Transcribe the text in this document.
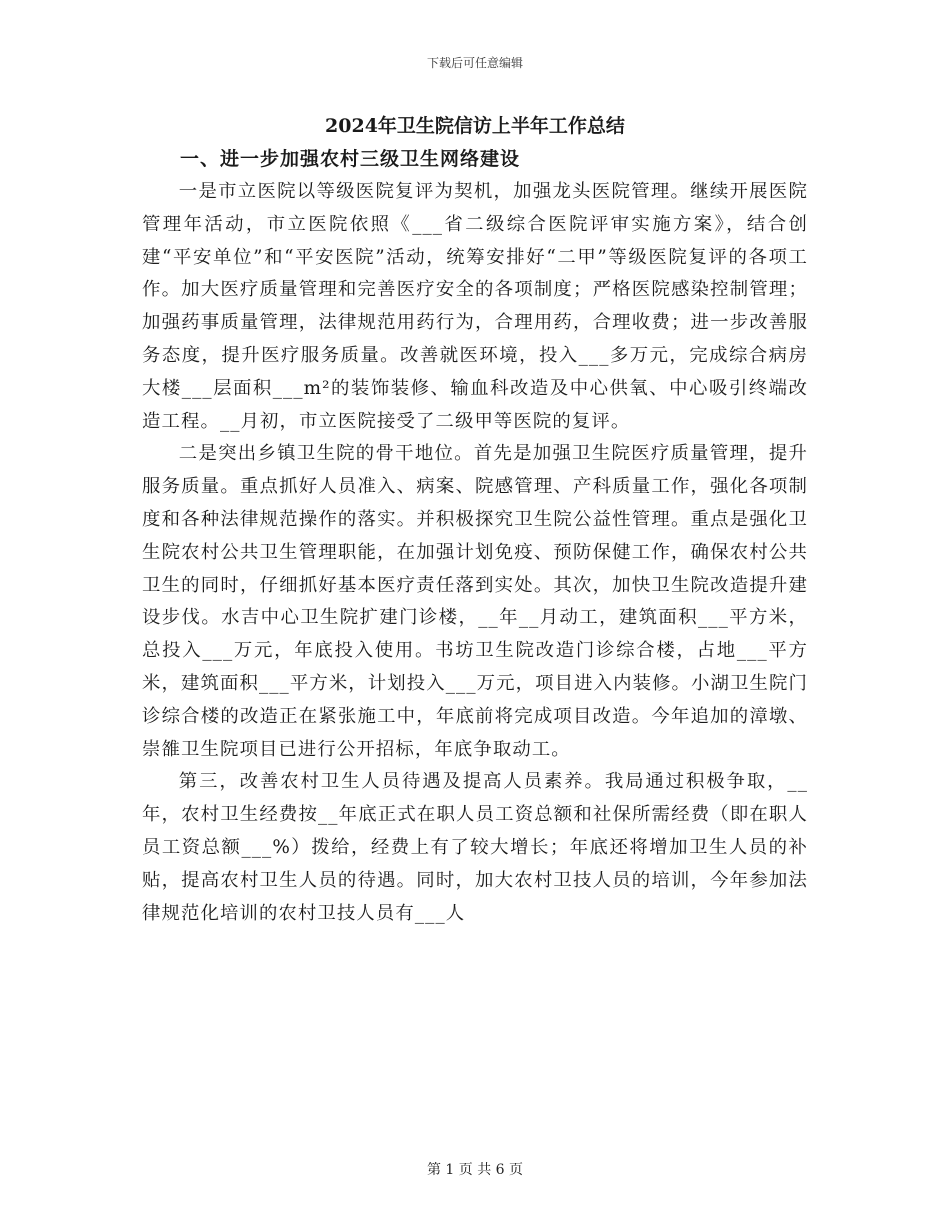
下载后可任意编辑
2024年卫生院信访上半年工作总结
一、进一步加强农村三级卫生网络建设

一是市立医院以等级医院复评为契机，加强龙头医院管理。继续开展医院管理年活动，市立医院依照《___省二级综合医院评审实施方案》，结合创建“平安单位”和“平安医院”活动，统筹安排好“二甲”等级医院复评的各项工作。加大医疗质量管理和完善医疗安全的各项制度；严格医院感染控制管理；加强药事质量管理，法律规范用药行为，合理用药，合理收费；进一步改善服务态度，提升医疗服务质量。改善就医环境，投入___多万元，完成综合病房大楼___层面积___m²的装饰装修、输血科改造及中心供氧、中心吸引终端改造工程。__月初，市立医院接受了二级甲等医院的复评。

二是突出乡镇卫生院的骨干地位。首先是加强卫生院医疗质量管理，提升服务质量。重点抓好人员准入、病案、院感管理、产科质量工作，强化各项制度和各种法律规范操作的落实。并积极探究卫生院公益性管理。重点是强化卫生院农村公共卫生管理职能，在加强计划免疫、预防保健工作，确保农村公共卫生的同时，仔细抓好基本医疗责任落到实处。其次，加快卫生院改造提升建设步伐。水吉中心卫生院扩建门诊楼，__年__月动工，建筑面积___平方米，总投入___万元，年底投入使用。书坊卫生院改造门诊综合楼，占地___平方米，建筑面积___平方米，计划投入___万元，项目进入内装修。小湖卫生院门诊综合楼的改造正在紧张施工中，年底前将完成项目改造。今年追加的漳墩、崇雒卫生院项目已进行公开招标，年底争取动工。

第三，改善农村卫生人员待遇及提高人员素养。我局通过积极争取，__年，农村卫生经费按__年底正式在职人员工资总额和社保所需经费（即在职人员工资总额___%）拨给，经费上有了较大增长；年底还将增加卫生人员的补贴，提高农村卫生人员的待遇。同时，加大农村卫技人员的培训，今年参加法律规范化培训的农村卫技人员有___人

第 1 页 共 6 页
